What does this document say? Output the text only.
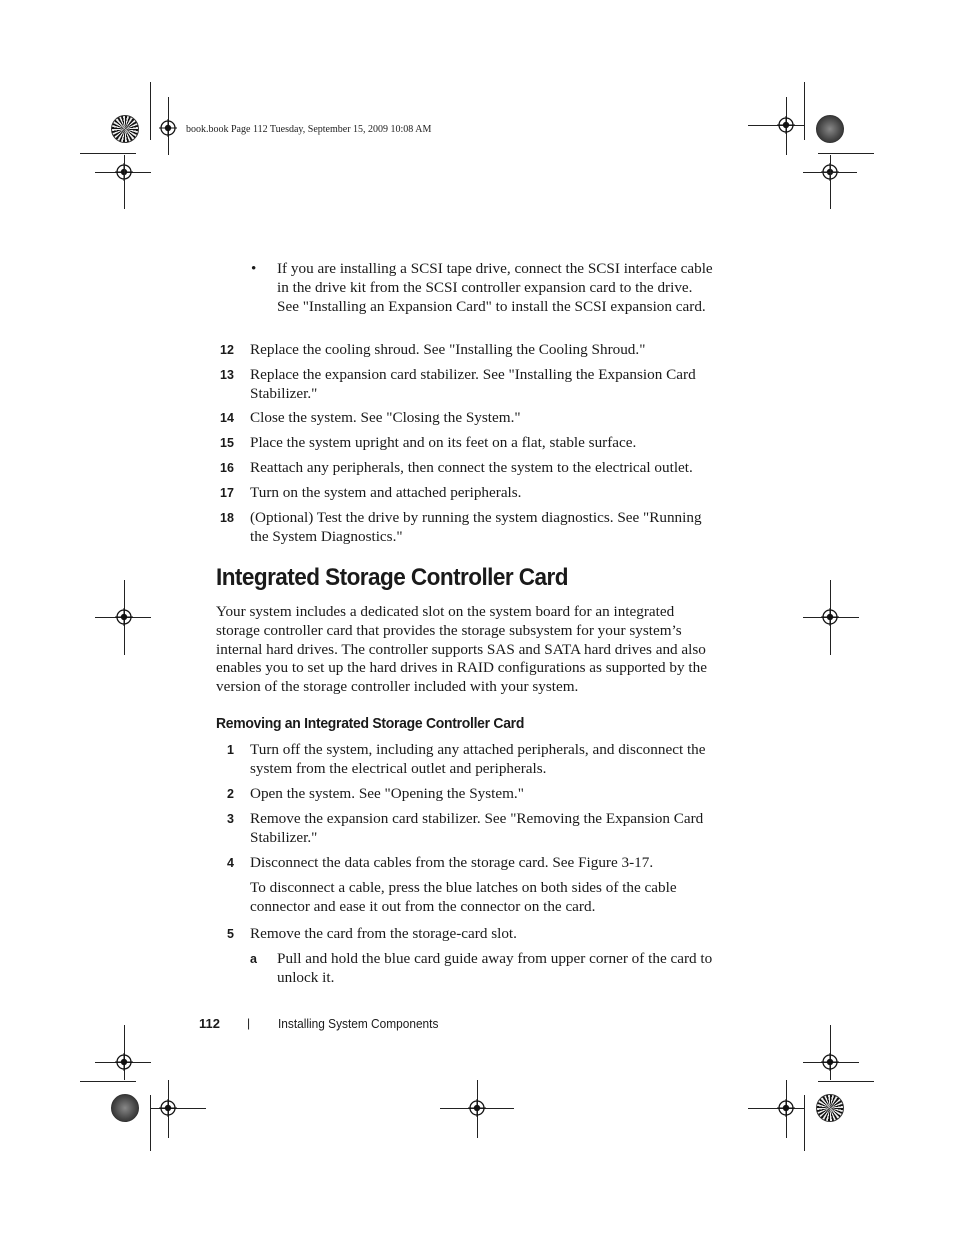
book.book Page 112 Tuesday, September 15, 2009 10:08 AM
• If you are installing a SCSI tape drive, connect the SCSI interface cable in the drive kit from the SCSI controller expansion card to the drive. See "Installing an Expansion Card" to install the SCSI expansion card.
12 Replace the cooling shroud. See "Installing the Cooling Shroud."
13 Replace the expansion card stabilizer. See "Installing the Expansion Card Stabilizer."
14 Close the system. See "Closing the System."
15 Place the system upright and on its feet on a flat, stable surface.
16 Reattach any peripherals, then connect the system to the electrical outlet.
17 Turn on the system and attached peripherals.
18 (Optional) Test the drive by running the system diagnostics. See "Running the System Diagnostics."
Integrated Storage Controller Card
Your system includes a dedicated slot on the system board for an integrated storage controller card that provides the storage subsystem for your system’s internal hard drives. The controller supports SAS and SATA hard drives and also enables you to set up the hard drives in RAID configurations as supported by the version of the storage controller included with your system.
Removing an Integrated Storage Controller Card
1 Turn off the system, including any attached peripherals, and disconnect the system from the electrical outlet and peripherals.
2 Open the system. See "Opening the System."
3 Remove the expansion card stabilizer. See "Removing the Expansion Card Stabilizer."
4 Disconnect the data cables from the storage card. See Figure 3-17.
To disconnect a cable, press the blue latches on both sides of the cable connector and ease it out from the connector on the card.
5 Remove the card from the storage-card slot.
a Pull and hold the blue card guide away from upper corner of the card to unlock it.
112 | Installing System Components
